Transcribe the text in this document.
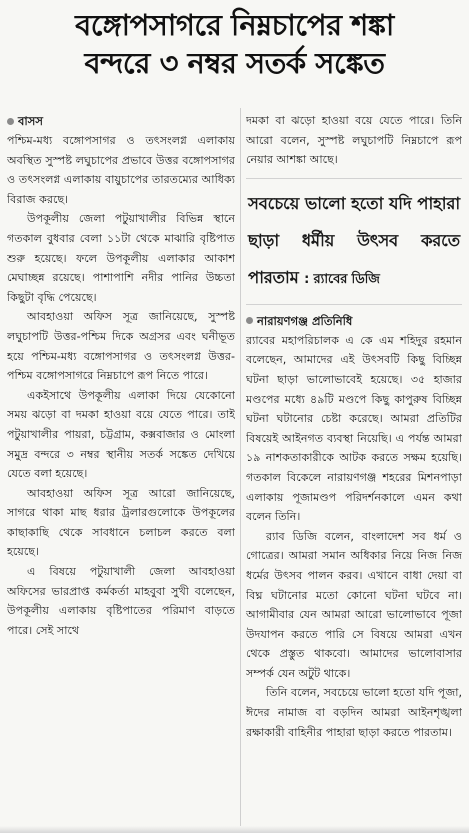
বঙ্গোপসাগরে নিম্নচাপের শঙ্কা
বন্দরে ৩ নম্বর সতর্ক সঙ্কেত
বাসস

পশ্চিম-মধ্য বঙ্গোপসাগর ও তৎসংলগ্ন এলাকায় অবস্থিত সুস্পষ্ট লঘুচাপের প্রভাবে উত্তর বঙ্গোপসাগর ও তৎসংলগ্ন এলাকায় বায়ুচাপের তারতম্যের আধিক্য বিরাজ করছে।

উপকূলীয় জেলা পটুয়াখালীর বিভিন্ন স্থানে গতকাল বুধবার বেলা ১১টা থেকে মাঝারি বৃষ্টিপাত শুরু হয়েছে। ফলে উপকূলীয় এলাকার আকাশ মেঘাচ্ছন্ন রয়েছে। পাশাপাশি নদীর পানির উচ্চতা কিছুটা বৃদ্ধি পেয়েছে।

আবহাওয়া অফিস সূত্র জানিয়েছে, সুস্পষ্ট লঘুচাপটি উত্তর-পশ্চিম দিকে অগ্রসর এবং ঘনীভূত হয়ে পশ্চিম-মধ্য বঙ্গোপসাগর ও তৎসংলগ্ন উত্তর-পশ্চিম বঙ্গোপসাগরে নিম্নচাপে রূপ নিতে পারে।

একইসাথে উপকূলীয় এলাকা দিয়ে যেকোনো সময় ঝড়ো বা দমকা হাওয়া বয়ে যেতে পারে। তাই পটুয়াখালীর পায়রা, চট্টগ্রাম, কক্সবাজার ও মোংলা সমুদ্র বন্দরে ৩ নম্বর স্থানীয় সতর্ক সঙ্কেত দেখিয়ে যেতে বলা হয়েছে।

আবহাওয়া অফিস সূত্র আরো জানিয়েছে, সাগরে থাকা মাছ ধরার ট্রলারগুলোকে উপকূলের কাছাকাছি থেকে সাবধানে চলাচল করতে বলা হয়েছে।

এ বিষয়ে পটুয়াখালী জেলা আবহাওয়া অফিসের ভারপ্রাপ্ত কর্মকর্তা মাহবুবা সুখী বলেছেন, উপকূলীয় এলাকায় বৃষ্টিপাতের পরিমাণ বাড়তে পারে। সেই সাথে

দমকা বা ঝড়ো হাওয়া বয়ে যেতে পারে। তিনি আরো বলেন, সুস্পষ্ট লঘুচাপটি নিম্নচাপে রূপ নেয়ার আশঙ্কা আছে।

সবচেয়ে ভালো হতো যদি পাহারা ছাড়া ধর্মীয় উৎসব করতে পারতাম : র‍্যাবের ডিজি
নারায়ণগঞ্জ প্রতিনিধি

র‍্যাবের মহাপরিচালক এ কে এম শহিদুর রহমান বলেছেন, আমাদের এই উৎসবটি কিছু বিচ্ছিন্ন ঘটনা ছাড়া ভালোভাবেই হয়েছে। ৩৫ হাজার মণ্ডপের মধ্যে ৪৯টি মণ্ডপে কিছু কাপুরুষ বিচ্ছিন্ন ঘটনা ঘটানোর চেষ্টা করেছে। আমরা প্রতিটির বিষয়েই আইনগত ব্যবস্থা নিয়েছি। এ পর্যন্ত আমরা ১৯ নাশকতাকারীকে আটক করতে সক্ষম হয়েছি। গতকাল বিকেলে নারায়ণগঞ্জ শহরের মিশনপাড়া এলাকায় পূজামণ্ডপ পরিদর্শনকালে এমন কথা বলেন তিনি।

র‍্যাব ডিজি বলেন, বাংলাদেশ সব ধর্ম ও গোত্রের। আমরা সমান অধিকার নিয়ে নিজ নিজ ধর্মের উৎসব পালন করব। এখানে বাধা দেয়া বা বিঘ্ন ঘটানোর মতো কোনো ঘটনা ঘটবে না। আগামীবার যেন আমরা আরো ভালোভাবে পূজা উদযাপন করতে পারি সে বিষয়ে আমরা এখন থেকে প্রস্তুত থাকবো। আমাদের ভালোবাসার সম্পর্ক যেন অটুট থাকে।

তিনি বলেন, সবচেয়ে ভালো হতো যদি পূজা, ঈদের নামাজ বা বড়দিন আমরা আইনশৃঙ্খলা রক্ষাকারী বাহিনীর পাহারা ছাড়া করতে পারতাম।
